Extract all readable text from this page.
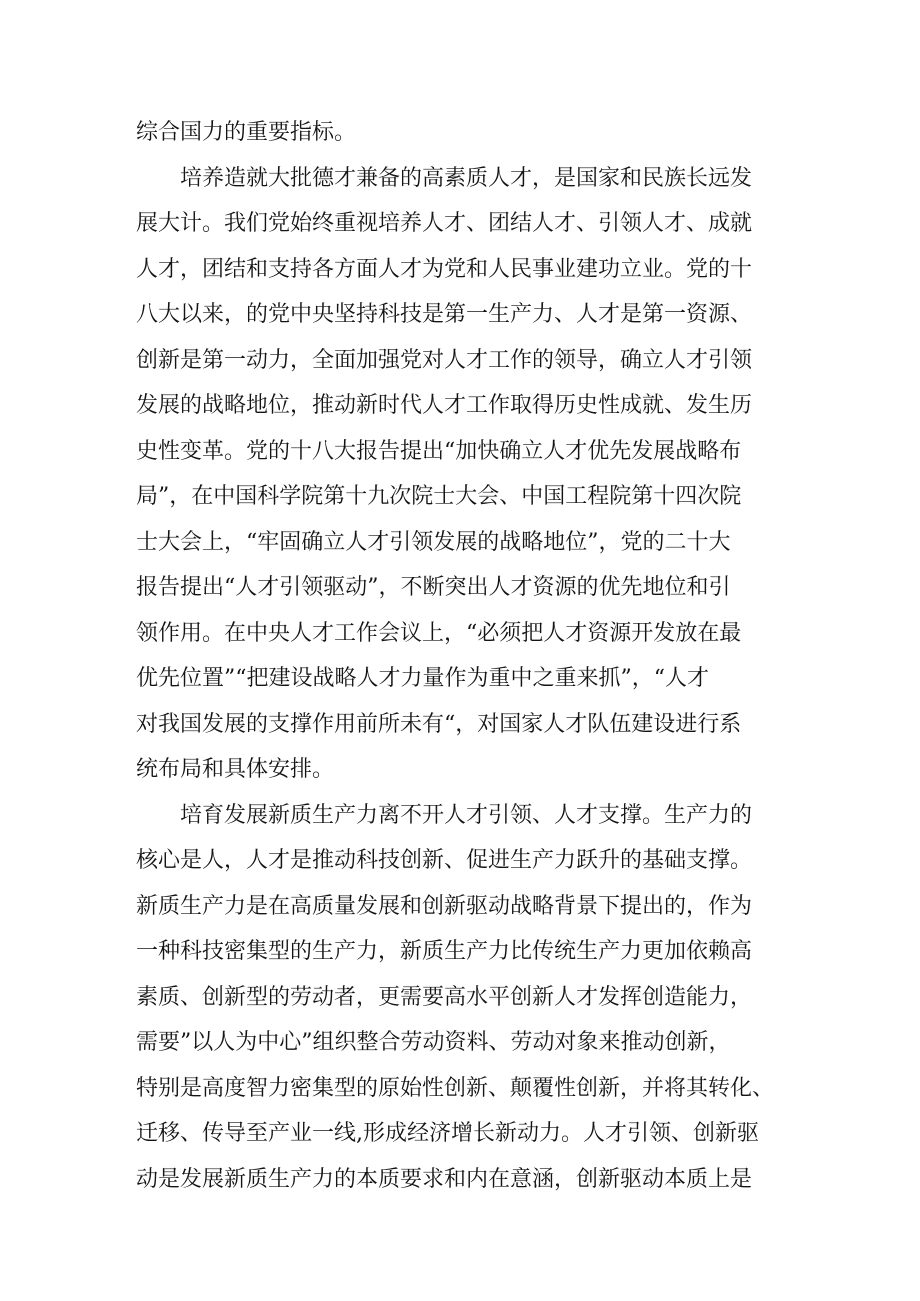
综合国力的重要指标。
　　培养造就大批德才兼备的高素质人才，是国家和民族长远发
展大计。我们党始终重视培养人才、团结人才、引领人才、成就
人才，团结和支持各方面人才为党和人民事业建功立业。党的十
八大以来，的党中央坚持科技是第一生产力、人才是第一资源、
创新是第一动力，全面加强党对人才工作的领导，确立人才引领
发展的战略地位，推动新时代人才工作取得历史性成就、发生历
史性变革。党的十八大报告提出“加快确立人才优先发展战略布
局”，在中国科学院第十九次院士大会、中国工程院第十四次院
士大会上，“牢固确立人才引领发展的战略地位”，党的二十大
报告提出“人才引领驱动”，不断突出人才资源的优先地位和引
领作用。在中央人才工作会议上，“必须把人才资源开发放在最
优先位置”“把建设战略人才力量作为重中之重来抓”，“人才
对我国发展的支撑作用前所未有“，对国家人才队伍建设进行系
统布局和具体安排。
　　培育发展新质生产力离不开人才引领、人才支撑。生产力的
核心是人，人才是推动科技创新、促进生产力跃升的基础支撑。
新质生产力是在高质量发展和创新驱动战略背景下提出的，作为
一种科技密集型的生产力，新质生产力比传统生产力更加依赖高
素质、创新型的劳动者，更需要高水平创新人才发挥创造能力，
需要”以人为中心”组织整合劳动资料、劳动对象来推动创新，
特别是高度智力密集型的原始性创新、颠覆性创新，并将其转化、
迁移、传导至产业一线,形成经济增长新动力。人才引领、创新驱
动是发展新质生产力的本质要求和内在意涵，创新驱动本质上是
